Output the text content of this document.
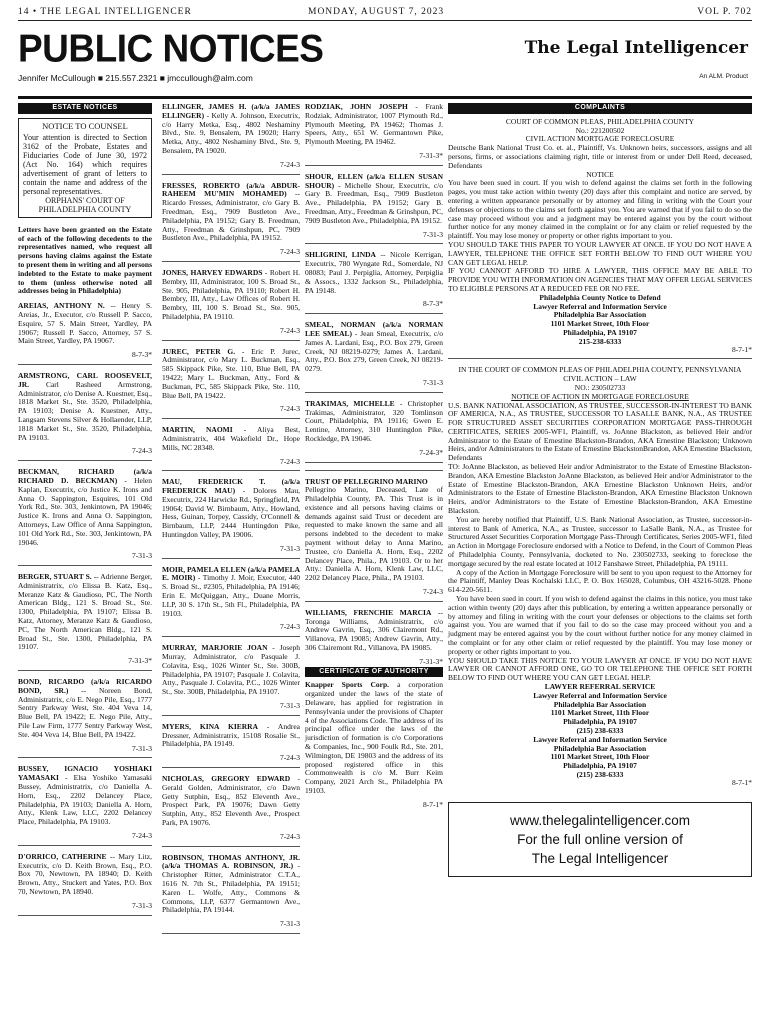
14 • THE LEGAL INTELLIGENCER	MONDAY, AUGUST 7, 2023	VOL P. 702
PUBLIC NOTICES	The Legal Intelligencer
Jennifer McCullough ■ 215.557.2321 ■ jmccullough@alm.com	An ALM. Product
ESTATE NOTICES
NOTICE TO COUNSEL
Your attention is directed to Section 3162 of the Probate, Estates and Fiduciaries Code of June 30, 1972 (Act No. 164) which requires advertisement of grant of letters to contain the name and address of the personal representatives.
ORPHANS' COURT OF PHILADELPHIA COUNTY

Letters have been granted on the Estate of each of the following decedents to the representatives named, who request all persons having claims against the Estate to present them in writing and all persons indebted to the Estate to make payment to them (unless otherwise noted all addresses being in Philadelphia)

AREIAS, ANTHONY N. -- Henry S. Areias, Jr., Executor, c/o Russell P. Sacco, Esquire, 57 S. Main Street, Yardley, PA 19067; Russell P. Sacco, Attorney, 57 S. Main Street, Yardley, PA 19067.

8-7-3*

ARMSTRONG, CARL ROOSEVELT, JR. Carl Rasheed Armstrong, Administrator, c/o Denise A. Kuestner, Esq., 1818 Market St., Ste. 3520, Philadelphia, PA 19103; Denise A. Kuestner, Atty., Langsam Stevens Silver & Hollaender, LLP, 1818 Market St., Ste. 3520, Philadelphia, PA 19103.

7-24-3

BECKMAN, RICHARD (a/k/a RICHARD D. BECKMAN) - Helen Kaplan, Executrix, c/o Justice K. Irons and Anna O. Sappington, Esquires, 101 Old York Rd., Ste. 303, Jenkintown, PA 19046; Justice K. Irons and Anna O. Sappington, Attorneys, Law Office of Anna Sappington, 101 Old York Rd., Ste. 303, Jenkintown, PA 19046.

7-31-3

BERGER, STUART S. -- Adrienne Berger, Administratrix, c/o Elissa B. Katz, Esq., Meranze Katz & Gaudioso, PC, The North American Bldg., 121 S. Broad St., Ste. 1300, Philadelphia, PA 19107; Elissa B. Katz, Attorney, Meranze Katz & Gaudioso, PC, The North American Bldg., 121 S. Broad St., Ste. 1300, Philadelphia, PA 19107.

7-31-3*

BOND, RICARDO (a/k/a RICARDO BOND, SR.) -- Noreen Bond, Administratrix, c/o E. Nego Pile, Esq., 1777 Sentry Parkway West, Ste. 404 Veva 14, Blue Bell, PA 19422; E. Nego Pile, Atty., Pile Law Firm, 1777 Sentry Parkway West, Ste. 404 Veva 14, Blue Bell, PA 19422.

7-31-3

BUSSEY, IGNACIO YOSHIAKI YAMASAKI - Elsa Yoshiko Yamasaki Bussey, Administratrix, c/o Daniella A. Horn, Esq., 2202 Delancey Place, Philadelphia, PA 19103; Daniella A. Horn, Atty., Klenk Law, LLC, 2202 Delancey Place, Philadelphia, PA 19103.

7-24-3

D'ORRICO, CATHERINE -- Mary Litz, Executrix, c/o D. Keith Brown, Esq., P.O. Box 70, Newtown, PA 18940; D. Keith Brown, Atty., Stuckert and Yates, P.O. Box 70, Newtown, PA 18940.

7-31-3

ELLINGER, JAMES H. (a/k/a JAMES ELLINGER) - Kelly A. Johnson, Executrix, c/o Harry Metka, Esq., 4802 Neshaminy Blvd., Ste. 9, Bensalem, PA 19020; Harry Metka, Atty., 4802 Neshaminy Blvd., Ste. 9, Bensalem, PA 19020.

7-24-3

FRESSES, ROBERTO (a/k/a ABDUR-RAHEEM MU'MIN MOHAMED) -- Ricardo Fresses, Administrator, c/o Gary B. Freedman, Esq., 7909 Bustleton Ave., Philadelphia, PA 19152; Gary B. Freedman, Atty., Freedman & Grinshpun, PC, 7909 Bustleton Ave., Philadelphia, PA 19152.

7-24-3

JONES, HARVEY EDWARDS - Robert H. Bembry, III, Administrator, 100 S. Broad St., Ste. 905, Philadelphia, PA 19110; Robert H. Bembry, III, Atty., Law Offices of Robert H. Bembry, III, 100 S. Broad St., Ste. 905, Philadelphia, PA 19110.

7-24-3

JUREC, PETER G. - Eric P. Jurec, Administrator, c/o Mary L. Buckman, Esq., 585 Skippack Pike, Ste. 110, Blue Bell, PA 19422; Mary L. Buckman, Atty., Ford & Buckman, PC, 585 Skippack Pike, Ste. 110, Blue Bell, PA 19422.

7-24-3

MARTIN, NAOMI - Aliya Best, Administratrix, 404 Wakefield Dr., Hope Mills, NC 28348.

7-24-3

MAU, FREDERICK T. (a/k/a FREDERICK MAU) - Dolores Mau, Executrix, 224 Harwicke Rd., Springfield, PA 19064; David W. Birnbaum, Atty., Howland, Hess, Guinan, Torpey, Cassidy, O'Connell & Birnbaum, LLP, 2444 Huntingdon Pike, Huntingdon Valley, PA 19006.

7-31-3

MOIR, PAMELA ELLEN (a/k/a PAMELA E. MOIR) - Timothy J. Moir, Executor, 440 S. Broad St., #2305, Philadelphia, PA 19146; Erin E. McQuiggan, Atty., Duane Morris, LLP, 30 S. 17th St., 5th Fl., Philadelphia, PA 19103.

7-24-3

MURRAY, MARJORIE JOAN - Joseph Murray, Administrator, c/o Pasquale J. Colavita, Esq., 1026 Winter St., Ste. 300B, Philadelphia, PA 19107; Pasquale J. Colavita, Atty., Pasquale J. Colavita, P.C., 1026 Winter St., Ste. 300B, Philadelphia, PA 19107.

7-31-3

MYERS, KINA KIERRA - Andrea Dressner, Administratrix, 15108 Rosalie St., Philadelphia, PA 19149.

7-24-3

NICHOLAS, GREGORY EDWARD - Gerald Golden, Administrator, c/o Dawn Getty Sutphin, Esq., 852 Eleventh Ave., Prospect Park, PA 19076; Dawn Getty Sutphin, Atty., 852 Eleventh Ave., Prospect Park, PA 19076.

7-24-3

ROBINSON, THOMAS ANTHONY, JR. (a/k/a THOMAS A. ROBINSON, JR.) - Christopher Ritter, Administrator C.T.A., 1616 N. 7th St., Philadelphia, PA 19151; Karen L. Wolfe, Atty., Commons & Commons, LLP, 6377 Germantown Ave., Philadelphia, PA 19144.

7-31-3

RODZIAK, JOHN JOSEPH - Frank Rodziak, Administrator, 1007 Plymouth Rd., Plymouth Meeting, PA 19462; Thomas J. Speers, Atty., 651 W. Germantown Pike, Plymouth Meeting, PA 19462.

7-31-3*

SHOUR, ELLEN (a/k/a ELLEN SUSAN SHOUR) - Michelle Shour, Executrix, c/o Gary B. Freedman, Esq., 7909 Bustleton Ave., Philadelphia, PA 19152; Gary B. Freedman, Atty., Freedman & Grinshpun, PC, 7909 Bustleton Ave., Philadelphia, PA 19152.

7-31-3

SHLIGRINI, LINDA -- Nicole Kerrigan, Executrix, 780 Wyngate Rd., Somerdale, NJ 08083; Paul J. Perpiglia, Attorney, Perpiglia & Assocs., 1332 Jackson St., Philadelphia, PA 19148.

8-7-3*

SMEAL, NORMAN (a/k/a NORMAN LEE SMEAL) - Jean Smeal, Executrix, c/o James A. Lardani, Esq., P.O. Box 279, Green Creek, NJ 08219-0279; James A. Lardani, Atty., P.O. Box 279, Green Creek, NJ 08219-0279.

7-31-3

TRAKIMAS, MICHELLE - Christopher Trakimas, Administrator, 320 Tomlinson Court, Philadelphia, PA 19116; Gwen E. Lentine, Attorney, 310 Huntingdon Pike, Rockledge, PA 19046.

7-24-3*

TRUST OF PELLEGRINO MARINO
Pellegrino Marino, Deceased, Late of Philadelphia County, PA. This Trust is in existence and all persons having claims or demands against said Trust or decedent are requested to make known the same and all persons indebted to the decedent to make payment without delay to Anna Marino, Trustee, c/o Daniella A. Horn, Esq., 2202 Delancey Place, Phila., PA 19103. Or to her Atty.: Daniella A. Horn, Klenk Law, LLC, 2202 Delancey Place, Phila., PA 19103.

7-24-3

WILLIAMS, FRENCHIE MARCIA -- Toronga Williams, Administratrix, c/o Andrew Gavrin, Esq., 306 Clairemont Rd., Villanova, PA 19085; Andrew Gavrin, Atty., 306 Clairemont Rd., Villanova, PA 19085.

7-31-3*

CERTIFICATE OF AUTHORITY

Knapper Sports Corp. a corporation organized under the laws of the state of Delaware, has applied for registration in Pennsylvania under the provisions of Chapter 4 of the Associations Code. The address of its principal office under the laws of the jurisdiction of formation is c/o Corporations & Companies, Inc., 900 Foulk Rd., Ste. 201, Wilmington, DE 19803 and the address of its proposed registered office in this Commonwealth is c/o M. Burr Keim Company, 2021 Arch St., Philadelphia PA 19103.

8-7-1*

COMPLAINTS
COURT OF COMMON PLEAS, PHILADELPHIA COUNTY
No.: 221200502
CIVIL ACTION MORTGAGE FORECLOSURE
Deutsche Bank National Trust Co. et. al., Plaintiff, Vs. Unknown heirs, successors, assigns and all persons, firms, or associations claiming right, title or interest from or under Dell Reed, deceased, Defendants
NOTICE
You have been sued in court. If you wish to defend against the claims set forth in the following pages, you must take action within twenty (20) days after this complaint and notice are served, by entering a written appearance personally or by attorney and filing in writing with the Court your defenses or objections to the claims set forth against you. You are warned that if you fail to do so the case may proceed without you and a judgment may be entered against you by the court without further notice for any money claimed in the complaint or for any claim or relief requested by the plaintiff. You may lose money or property or other rights important to you.
YOU SHOULD TAKE THIS PAPER TO YOUR LAWYER AT ONCE. IF YOU DO NOT HAVE A LAWYER, TELEPHONE THE OFFICE SET FORTH BELOW TO FIND OUT WHERE YOU CAN GET LEGAL HELP.
IF YOU CANNOT AFFORD TO HIRE A LAWYER, THIS OFFICE MAY BE ABLE TO PROVIDE YOU WITH INFORMATION ON AGENCIES THAT MAY OFFER LEGAL SERVICES TO ELIGIBLE PERSONS AT A REDUCED FEE OR NO FEE.
Philadelphia County Notice to Defend
Lawyer Referral and Information Service
Philadelphia Bar Association
1101 Market Street, 10th Floor
Philadelphia, PA 19107
215-238-6333

8-7-1*

IN THE COURT OF COMMON PLEAS OF PHILADELPHIA COUNTY, PENNSYLVANIA CIVIL ACTION – LAW
NO.: 230502733
NOTICE OF ACTION IN MORTGAGE FORECLOSURE
U.S. BANK NATIONAL ASSOCIATION, AS TRUSTEE, SUCCESSOR-IN-INTEREST TO BANK OF AMERICA, N.A., AS TRUSTEE, SUCCESSOR TO LASALLE BANK, N.A., AS TRUSTEE FOR STRUCTURED ASSET SECURITIES CORPORATION MORTGAGE PASS-THROUGH CERTIFICATES, SERIES 2005-WF1, Plaintiff, vs. JoAnne Blackston, as believed Heir and/or Administrator to the Estate of Ernestine Blackston-Brandon, AKA Ernestine Blackston; Unknown Heirs, and/or Administrators to the Estate of Ernestine BlackstonBrandon, AKA Ernestine Blackston, Defendants
TO: JoAnne Blackston, as believed Heir and/or Administrator to the Estate of Ernestine Blackston-Brandon, AKA Ernestine Blackston JoAnne Blackston, as believed Heir and/or Administrator to the Estate of Ernestine Blackston-Brandon, AKA Ernestine Blackston Unknown Heirs, and/or Administrators to the Estate of Ernestine Blackston-Brandon, AKA Ernestine Blackston Unknown Heirs, and/or Administrators to the Estate of Ernestine Blackston-Brandon, AKA Ernestine Blackston.
You are hereby notified that Plaintiff, U.S. Bank National Association, as Trustee, successor-in-interest to Bank of America, N.A., as Trustee, successor to LaSalle Bank, N.A., as Trustee for Structured Asset Securities Corporation Mortgage Pass-Through Certificates, Series 2005-WF1, filed an Action in Mortgage Foreclosure endorsed with a Notice to Defend, in the Court of Common Pleas of Philadelphia County, Pennsylvania, docketed to No. 230502733, seeking to foreclose the mortgage secured by the real estate located at 1012 Fanshawe Street, Philadelphia, PA 19111.
A copy of the Action in Mortgage Foreclosure will be sent to you upon request to the Attorney for the Plaintiff, Manley Deas Kochalski LLC, P. O. Box 165028, Columbus, OH 43216-5028. Phone 614-220-5611.
You have been sued in court. If you wish to defend against the claims in this notice, you must take action within twenty (20) days after this publication, by entering a written appearance personally or by attorney and filing in writing with the court your defenses or objections to the claims set forth against you. You are warned that if you fail to do so the case may proceed without you and a judgment may be entered against you by the court without further notice for any money claimed in the complaint or for any other claim or relief requested by the plaintiff. You may lose money or property or other rights important to you.
YOU SHOULD TAKE THIS NOTICE TO YOUR LAWYER AT ONCE. IF YOU DO NOT HAVE LAWYER OR CANNOT AFFORD ONE, GO TO OR TELEPHONE THE OFFICE SET FORTH BELOW TO FIND OUT WHERE YOU CAN GET LEGAL HELP.
LAWYER REFERRAL SERVICE
Lawyer Referral and Information Service
Philadelphia Bar Association
1101 Market Street, 11th Floor
Philadelphia, PA 19107
(215) 238-6333
Lawyer Referral and Information Service
Philadelphia Bar Association
1101 Market Street, 10th Floor
Philadelphia, PA 19107
(215) 238-6333

8-7-1*

www.thelegalintelligencer.com
For the full online version of
The Legal Intelligencer
